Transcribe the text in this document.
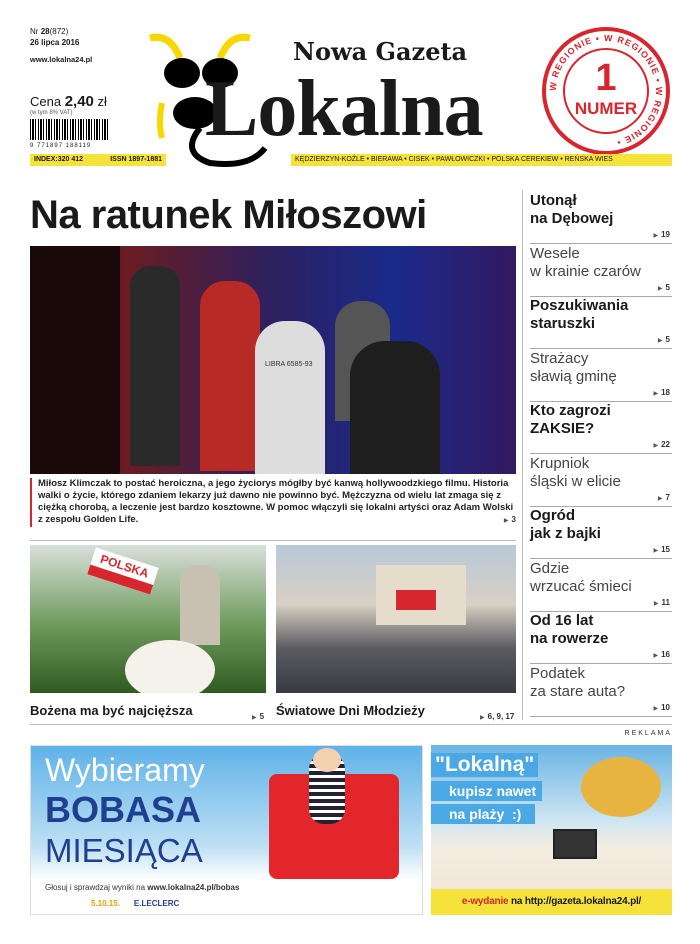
Nr 28(872)
26 lipca 2016
www.lokalna24.pl
Cena 2,40 zł
(w tym 8% VAT)
9 771897 188119
INDEX:320 412	ISSN 1897-1881
Nowa Gazeta
Lokalna	W REGIONIE • W REGIONIE • W REGIONIE •
1
NUMER
KĘDZIERZYN-KOŹLE • BIERAWA • CISEK • PAWŁOWICZKI • POLSKA CEREKIEW • REŃSKA WIEŚ
Na ratunek Miłoszowi
LIBRA 6585-93
Miłosz Klimczak to postać heroiczna, a jego życiorys mógłby być kanwą hollywoodzkiego filmu. Historia walki o życie, którego zdaniem lekarzy już dawno nie powinno być. Mężczyzna od wielu lat zmaga się z ciężką chorobą, a leczenie jest bardzo kosztowne. W pomoc włączyli się lokalni artyści oraz Adam Wolski z zespołu Golden Life.	▶ 3
POLSKA
Bożena ma być najcięższa	▶ 5 Światowe Dni Młodzieży	▶ 6, 9, 17
Utonął
na Dębowej
▶ 19
Wesele
w krainie czarów
▶ 5
Poszukiwania
staruszki
▶ 5
Strażacy
sławią gminę
▶ 18
Kto zagrozi
ZAKSIE?
▶ 22
Krupniok
śląski w elicie
▶ 7
Ogród
jak z bajki
▶ 15
Gdzie
wrzucać śmieci
▶ 11
Od 16 lat
na rowerze
▶ 16
Podatek
za stare auta?
▶ 10
REKLAMA
Wybieramy
BOBASA
MIESIĄCA
Głosuj i sprawdzaj wyniki na www.lokalna24.pl/bobas
5.10.15. E.LECLERC
"Lokalną"
kupisz nawet
na plaży  :)
e-wydanie na http://gazeta.lokalna24.pl/
